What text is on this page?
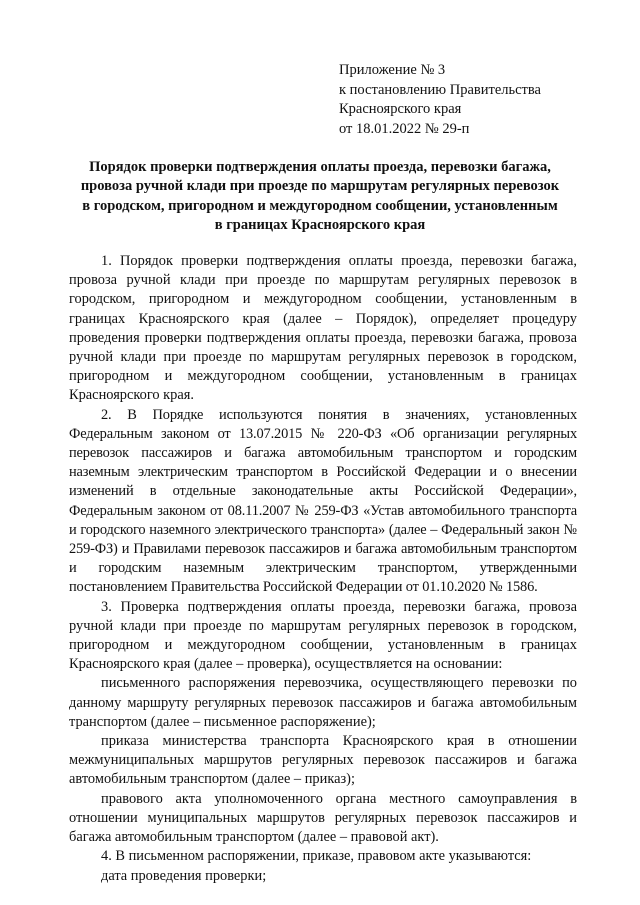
Приложение № 3
к постановлению Правительства
Красноярского края
от 18.01.2022 № 29-п
Порядок проверки подтверждения оплаты проезда, перевозки багажа,
провоза ручной клади при проезде по маршрутам регулярных перевозок
в городском, пригородном и междугородном сообщении, установленным
в границах Красноярского края

1. Порядок проверки подтверждения оплаты проезда, перевозки багажа, провоза ручной клади при проезде по маршрутам регулярных перевозок в городском, пригородном и междугородном сообщении, установленным в границах Красноярского края (далее – Порядок), определяет процедуру проведения проверки подтверждения оплаты проезда, перевозки багажа, провоза ручной клади при проезде по маршрутам регулярных перевозок в городском, пригородном и междугородном сообщении, установленным в границах Красноярского края.

2. В Порядке используются понятия в значениях, установленных Федеральным законом от 13.07.2015 № 220-ФЗ «Об организации регулярных перевозок пассажиров и багажа автомобильным транспортом и городским наземным электрическим транспортом в Российской Федерации и о внесении изменений в отдельные законодательные акты Российской Федерации», Федеральным законом от 08.11.2007 № 259-ФЗ «Устав автомобильного транспорта и городского наземного электрического транспорта» (далее – Федеральный закон № 259-ФЗ) и Правилами перевозок пассажиров и багажа автомобильным транспортом и городским наземным электрическим транспортом, утвержденными постановлением Правительства Российской Федерации от 01.10.2020 № 1586.

3. Проверка подтверждения оплаты проезда, перевозки багажа, провоза ручной клади при проезде по маршрутам регулярных перевозок в городском, пригородном и междугородном сообщении, установленным в границах Красноярского края (далее – проверка), осуществляется на основании:

письменного распоряжения перевозчика, осуществляющего перевозки по данному маршруту регулярных перевозок пассажиров и багажа автомобильным транспортом (далее – письменное распоряжение);

приказа министерства транспорта Красноярского края в отношении межмуниципальных маршрутов регулярных перевозок пассажиров и багажа автомобильным транспортом (далее – приказ);

правового акта уполномоченного органа местного самоуправления в отношении муниципальных маршрутов регулярных перевозок пассажиров и багажа автомобильным транспортом (далее – правовой акт).

4. В письменном распоряжении, приказе, правовом акте указываются:

дата проведения проверки;
